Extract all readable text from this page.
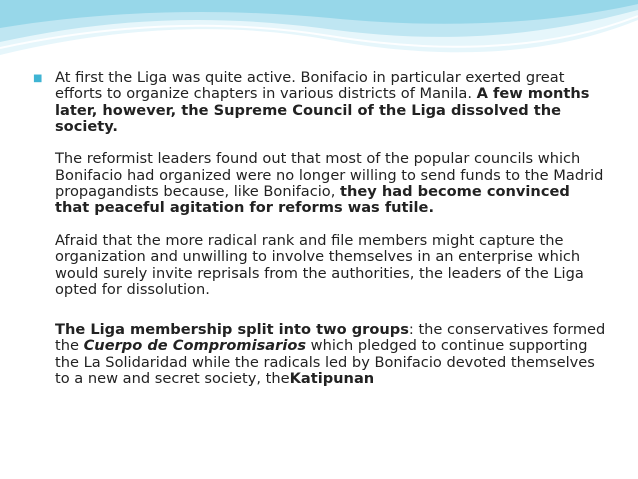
■ At first the Liga was quite active. Bonifacio in particular exerted great efforts to organize chapters in various districts of Manila. A few months later, however, the Supreme Council of the Liga dissolved the society.

The reformist leaders found out that most of the popular councils which Bonifacio had organized were no longer willing to send funds to the Madrid propagandists because, like Bonifacio, they had become convinced that peaceful agitation for reforms was futile.

Afraid that the more radical rank and file members might capture the organization and unwilling to involve themselves in an enterprise which would surely invite reprisals from the authorities, the leaders of the Liga opted for dissolution.

The Liga membership split into two groups: the conservatives formed the Cuerpo de Compromisarios which pledged to continue supporting the La Solidaridad while the radicals led by Bonifacio devoted themselves to a new and secret society, theKatipunan
